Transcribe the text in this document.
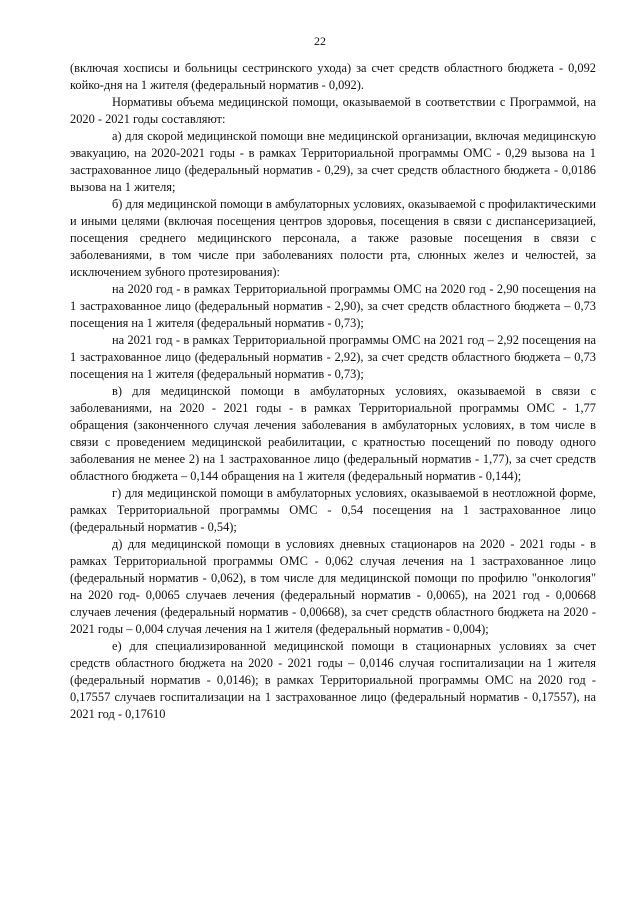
22

(включая хосписы и больницы сестринского ухода) за счет средств областного бюджета - 0,092 койко-дня на 1 жителя (федеральный норматив - 0,092).

Нормативы объема медицинской помощи, оказываемой в соответствии с Программой, на 2020 - 2021 годы составляют:

а) для скорой медицинской помощи вне медицинской организации, включая медицинскую эвакуацию, на 2020-2021 годы - в рамках Территориальной программы ОМС - 0,29 вызова на 1 застрахованное лицо (федеральный норматив - 0,29), за счет средств областного бюджета - 0,0186 вызова на 1 жителя;

б) для медицинской помощи в амбулаторных условиях, оказываемой с профилактическими и иными целями (включая посещения центров здоровья, посещения в связи с диспансеризацией, посещения среднего медицинского персонала, а также разовые посещения в связи с заболеваниями, в том числе при заболеваниях полости рта, слюнных желез и челюстей, за исключением зубного протезирования):

на 2020 год - в рамках Территориальной программы ОМС на 2020 год - 2,90 посещения на 1 застрахованное лицо (федеральный норматив - 2,90), за счет средств областного бюджета – 0,73 посещения на 1 жителя (федеральный норматив - 0,73);

на 2021 год - в рамках Территориальной программы ОМС на 2021 год – 2,92 посещения на 1 застрахованное лицо (федеральный норматив - 2,92), за счет средств областного бюджета – 0,73 посещения на 1 жителя (федеральный норматив - 0,73);

в) для медицинской помощи в амбулаторных условиях, оказываемой в связи с заболеваниями, на 2020 - 2021 годы - в рамках Территориальной программы ОМС - 1,77 обращения (законченного случая лечения заболевания в амбулаторных условиях, в том числе в связи с проведением медицинской реабилитации, с кратностью посещений по поводу одного заболевания не менее 2) на 1 застрахованное лицо (федеральный норматив - 1,77), за счет средств областного бюджета – 0,144 обращения на 1 жителя (федеральный норматив - 0,144);

г) для медицинской помощи в амбулаторных условиях, оказываемой в неотложной форме, рамках Территориальной программы ОМС - 0,54 посещения на 1 застрахованное лицо (федеральный норматив - 0,54);

д) для медицинской помощи в условиях дневных стационаров на 2020 - 2021 годы - в рамках Территориальной программы ОМС - 0,062 случая лечения на 1 застрахованное лицо (федеральный норматив - 0,062), в том числе для медицинской помощи по профилю "онкология" на 2020 год- 0,0065 случаев лечения (федеральный норматив - 0,0065), на 2021 год - 0,00668 случаев лечения (федеральный норматив - 0,00668), за счет средств областного бюджета на 2020 - 2021 годы – 0,004 случая лечения на 1 жителя (федеральный норматив - 0,004);

е) для специализированной медицинской помощи в стационарных условиях за счет средств областного бюджета на 2020 - 2021 годы – 0,0146 случая госпитализации на 1 жителя (федеральный норматив - 0,0146); в рамках Территориальной программы ОМС на 2020 год - 0,17557 случаев госпитализации на 1 застрахованное лицо (федеральный норматив - 0,17557), на 2021 год - 0,17610
